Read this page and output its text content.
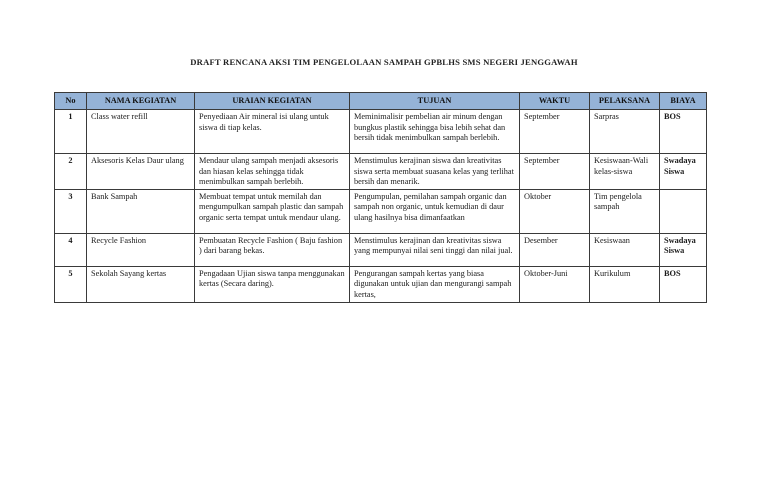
DRAFT RENCANA AKSI TIM PENGELOLAAN SAMPAH GPBLHS SMS NEGERI JENGGAWAH
No	NAMA KEGIATAN	URAIAN KEGIATAN	TUJUAN	WAKTU	PELAKSANA	BIAYA
1	Class water refill	Penyediaan Air mineral isi ulang untuk siswa di tiap kelas.	Meminimalisir pembelian air minum dengan bungkus plastik sehingga bisa lebih sehat dan bersih tidak menimbulkan sampah berlebih.	September	Sarpras	BOS
2	Aksesoris Kelas Daur ulang	Mendaur ulang sampah menjadi aksesoris dan hiasan kelas sehingga tidak menimbulkan sampah berlebih.	Menstimulus kerajinan siswa dan kreativitas siswa serta membuat suasana kelas yang terlihat bersih dan menarik.	September	Kesiswaan-Wali kelas-siswa	Swadaya Siswa
3	Bank Sampah	Membuat tempat untuk memilah dan mengumpulkan sampah plastic dan sampah organic serta tempat untuk mendaur ulang.	Pengumpulan, pemilahan sampah organic dan sampah non organic, untuk kemudian di daur ulang hasilnya bisa dimanfaatkan	Oktober	Tim pengelola sampah	
4	Recycle Fashion	Pembuatan Recycle Fashion ( Baju fashion ) dari barang bekas.	Menstimulus kerajinan dan kreativitas siswa yang mempunyai nilai seni tinggi dan nilai jual.	Desember	Kesiswaan	Swadaya Siswa
5	Sekolah Sayang kertas	Pengadaan Ujian siswa tanpa menggunakan kertas (Secara daring).	Pengurangan sampah kertas yang biasa digunakan untuk ujian dan mengurangi sampah kertas,	Oktober-Juni	Kurikulum	BOS
